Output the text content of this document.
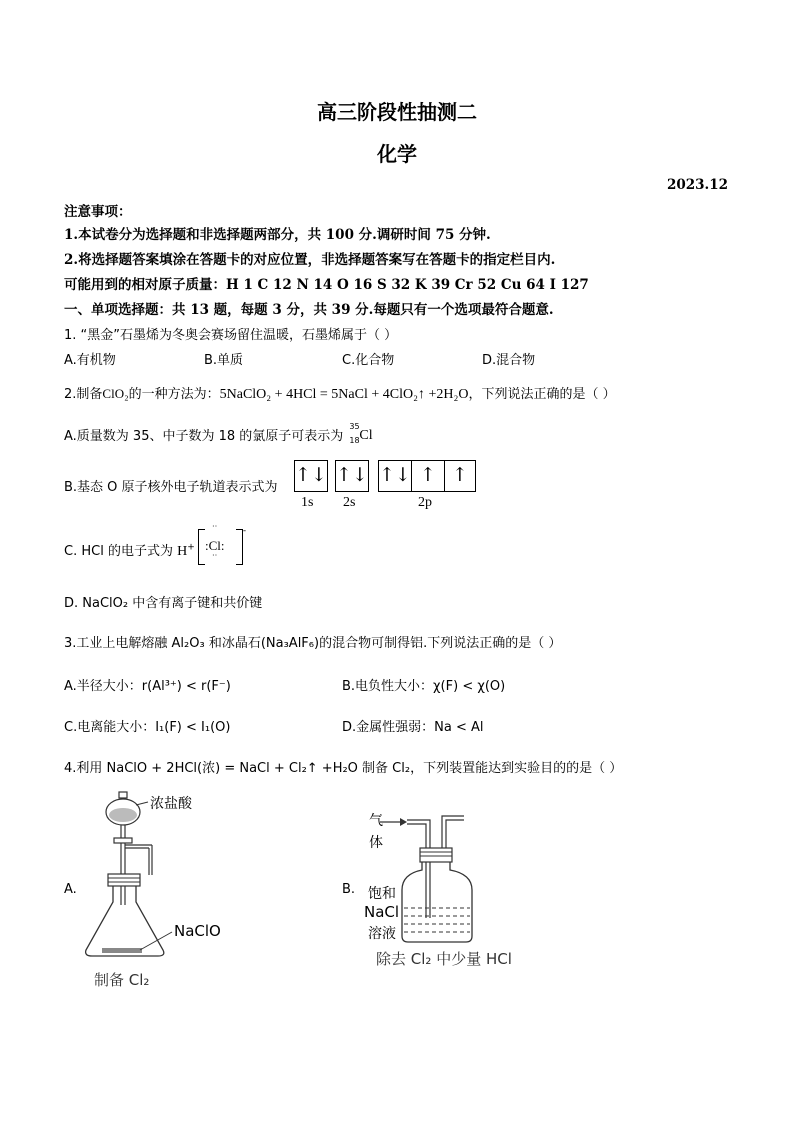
高三阶段性抽测二
化学
2023.12
注意事项：
1.本试卷分为选择题和非选择题两部分，共 100 分.调研时间 75 分钟.
2.将选择题答案填涂在答题卡的对应位置，非选择题答案写在答题卡的指定栏目内.
可能用到的相对原子质量：H 1 C 12 N 14 O 16 S 32 K 39 Cr 52 Cu 64 I 127
一、单项选择题：共 13 题，每题 3 分，共 39 分.每题只有一个选项最符合题意.
1. “黑金”石墨烯为冬奥会赛场留住温暖，石墨烯属于（ ）
A.有机物	B.单质	C.化合物	D.混合物
2.制备ClO₂的一种方法为：5NaClO₂ + 4HCl = 5NaCl + 4ClO₂↑ +2H₂O，下列说法正确的是（ ）
A.质量数为 35、中子数为 18 的氯原子可表示为
35
18 Cl
B.基态 O 原子核外电子轨道表示式为
↑↓ ↑↓ ↑↓ ↑ ↑
1s 2s	2p
C. HCl 的电子式为 H+
··
:Cl:
··
-
D. NaClO₂ 中含有离子键和共价键
3.工业上电解熔融 Al₂O₃ 和冰晶石(Na₃AlF₆)的混合物可制得铝.下列说法正确的是（ ）
A.半径大小：r(Al³⁺) < r(F⁻)	B.电负性大小：χ(F) < χ(O)
C.电离能大小：I₁(F) < I₁(O)	D.金属性强弱：Na < Al
4.利用 NaClO + 2HCl(浓) = NaCl + Cl₂↑ +H₂O 制备 Cl₂，下列装置能达到实验目的的是（ ）
A.
浓盐酸
NaClO
制备 Cl₂
B.
气
体
饱和
NaCl
溶液
除去 Cl₂ 中少量 HCl
